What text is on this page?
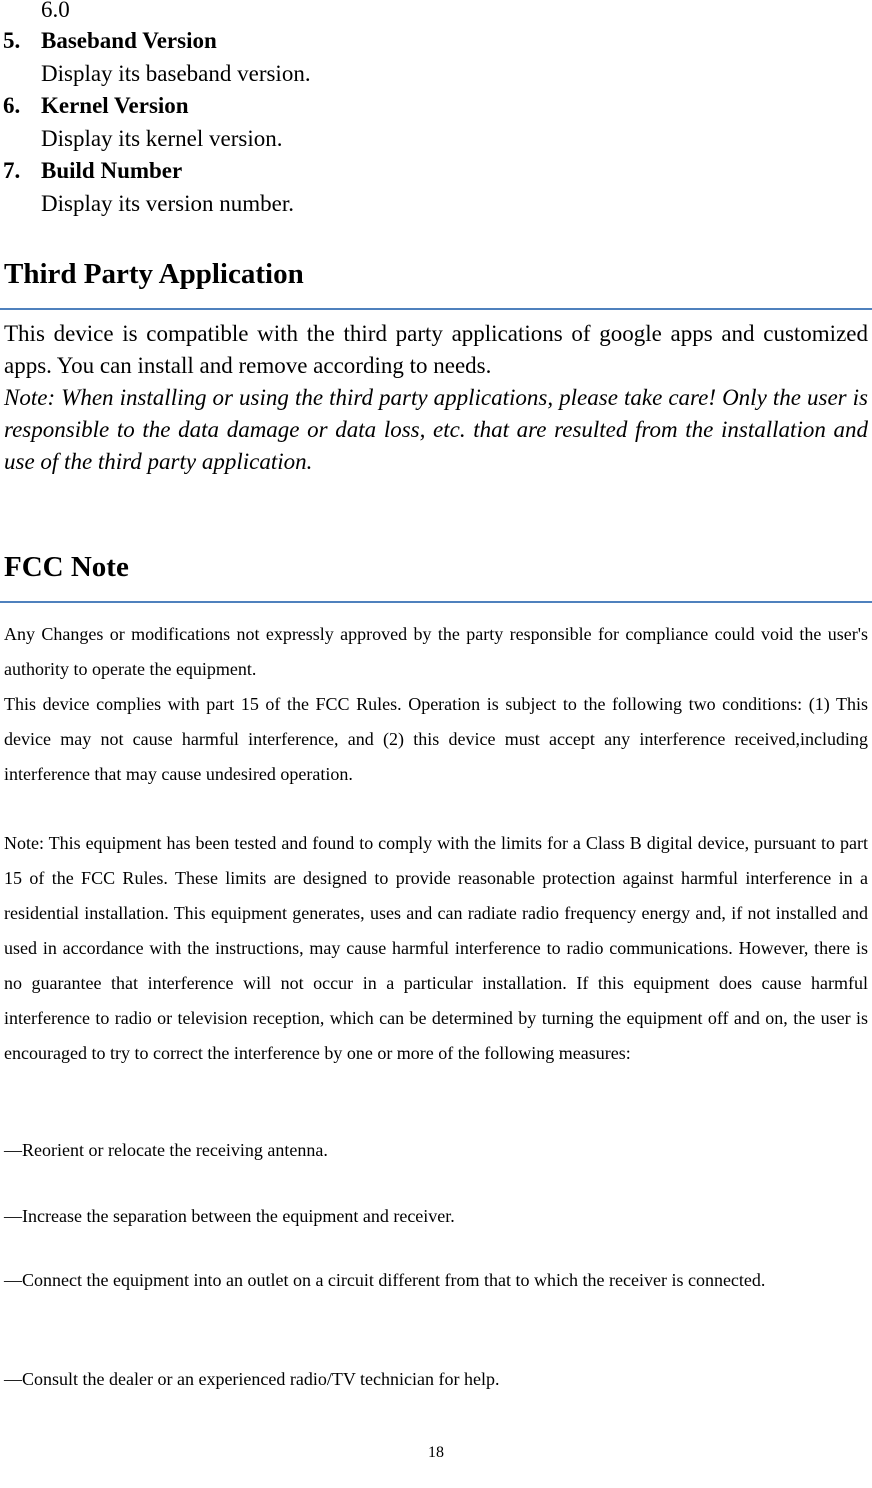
6.0
5. Baseband Version
Display its baseband version.
6. Kernel Version
Display its kernel version.
7. Build Number
Display its version number.
Third Party Application
This device is compatible with the third party applications of google apps and customized apps. You can install and remove according to needs.
Note: When installing or using the third party applications, please take care! Only the user is responsible to the data damage or data loss, etc. that are resulted from the installation and use of the third party application.
FCC Note
Any Changes or modifications not expressly approved by the party responsible for compliance could void the user's authority to operate the equipment.
This device complies with part 15 of the FCC Rules. Operation is subject to the following two conditions: (1) This device may not cause harmful interference, and (2) this device must accept any interference received,including interference that may cause undesired operation.
Note: This equipment has been tested and found to comply with the limits for a Class B digital device, pursuant to part 15 of the FCC Rules. These limits are designed to provide reasonable protection against harmful interference in a residential installation. This equipment generates, uses and can radiate radio frequency energy and, if not installed and used in accordance with the instructions, may cause harmful interference to radio communications. However, there is no guarantee that interference will not occur in a particular installation. If this equipment does cause harmful interference to radio or television reception, which can be determined by turning the equipment off and on, the user is encouraged to try to correct the interference by one or more of the following measures:
—Reorient or relocate the receiving antenna.
—Increase the separation between the equipment and receiver.
—Connect the equipment into an outlet on a circuit different from that to which the receiver is connected.
—Consult the dealer or an experienced radio/TV technician for help.
18
